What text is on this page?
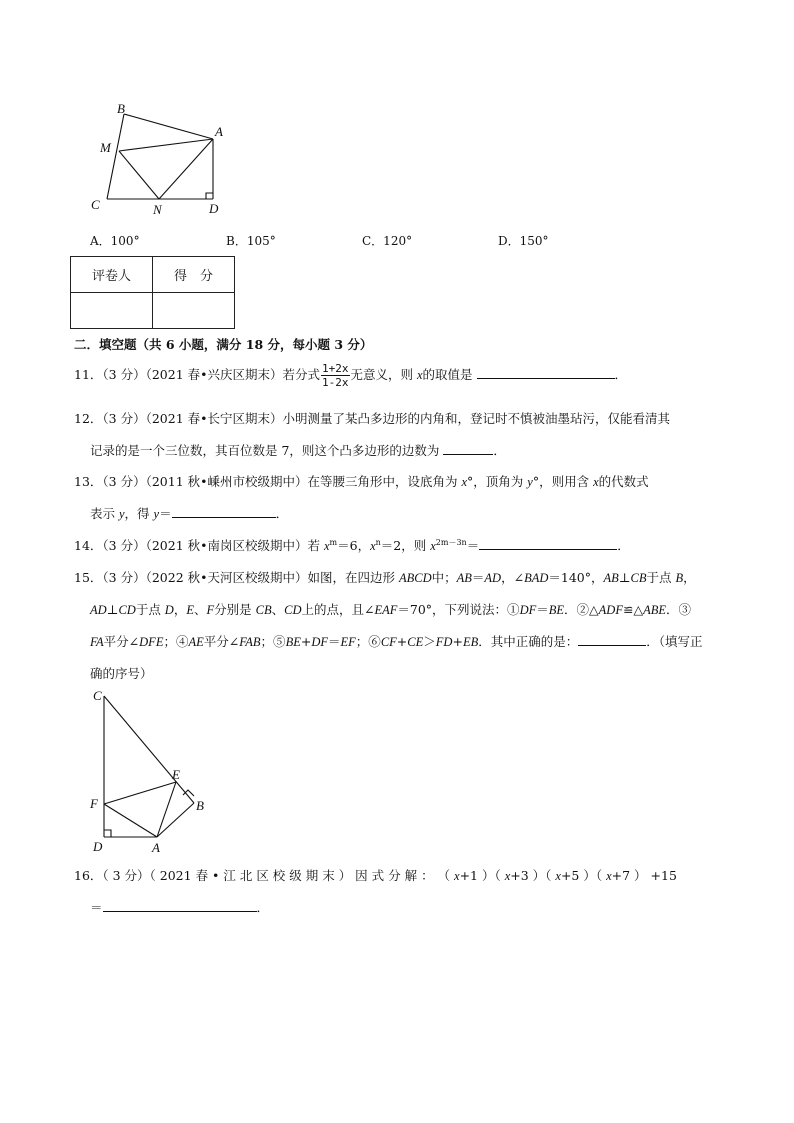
B
A
M
C	N	D
A．100°	B．105°	C．120°	D．150°
评卷人	得　分

二．填空题（共 6 小题，满分 18 分，每小题 3 分）
11．（3 分）（2021 春•兴庆区期末）若分式 $\frac{1+2x}{1-2x}$ 无意义，则 x的取值是	．
12．（3 分）（2021 春•长宁区期末）小明测量了某凸多边形的内角和，登记时不慎被油墨玷污，仅能看清其
记录的是一个三位数，其百位数是 7，则这个凸多边形的边数为	．
13．（3 分）（2011 秋•嵊州市校级期中）在等腰三角形中，设底角为 x°，顶角为 y°，则用含 x的代数式
表示 y，得 y＝	．
14．（3 分）（2021 秋•南岗区校级期中）若 $x^m=6$，$x^n=2$，则 $x^{2m-3n}=$	．
15．（3 分）（2022 秋•天河区校级期中）如图，在四边形 ABCD中；AB＝AD，∠BAD＝140°，AB⊥CB于点 B，
AD⊥CD于点 D，E、F分别是 CB、CD上的点，且∠EAF＝70°，下列说法：①DF＝BE．②△ADF≌△ABE．③
FA平分∠DFE；④AE平分∠FAB；⑤BE+DF＝EF；⑥CF+CE＞FD+EB．其中正确的是：	．（填写正
确的序号）
C
E
F	B
D	A
16．（ 3 分）（ 2021 春 • 江 北 区 校 级 期 末 ） 因 式 分 解 ： （ x+1 ）（ x+3 ）（ x+5 ）（ x+7 ） +15
＝	．
